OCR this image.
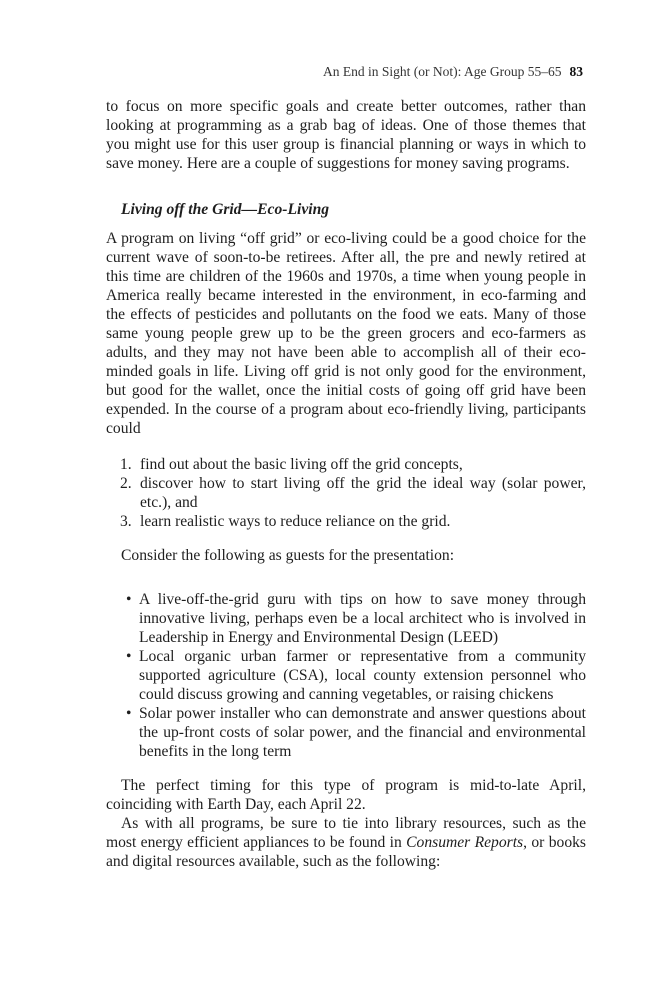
An End in Sight (or Not): Age Group 55–65 83

to focus on more specific goals and create better outcomes, rather than looking at programming as a grab bag of ideas. One of those themes that you might use for this user group is financial planning or ways in which to save money. Here are a couple of suggestions for money saving programs.

Living off the Grid—Eco-Living

A program on living “off grid” or eco-living could be a good choice for the current wave of soon-to-be retirees. After all, the pre and newly retired at this time are children of the 1960s and 1970s, a time when young people in America really became interested in the environment, in eco-farming and the effects of pesticides and pollutants on the food we eats. Many of those same young people grew up to be the green grocers and eco-farmers as adults, and they may not have been able to accomplish all of their eco-minded goals in life. Living off grid is not only good for the environment, but good for the wallet, once the initial costs of going off grid have been expended. In the course of a program about eco-friendly living, participants could

1. find out about the basic living off the grid concepts,
2. discover how to start living off the grid the ideal way (solar power, etc.), and
3. learn realistic ways to reduce reliance on the grid.
Consider the following as guests for the presentation:
• A live-off-the-grid guru with tips on how to save money through innovative living, perhaps even be a local architect who is involved in Leadership in Energy and Environmental Design (LEED)
• Local organic urban farmer or representative from a community supported agriculture (CSA), local county extension personnel who could discuss growing and canning vegetables, or raising chickens
• Solar power installer who can demonstrate and answer questions about the up-front costs of solar power, and the financial and environmental benefits in the long term

The perfect timing for this type of program is mid-to-late April, coinciding with Earth Day, each April 22.

As with all programs, be sure to tie into library resources, such as the most energy efficient appliances to be found in Consumer Reports, or books and digital resources available, such as the following:
